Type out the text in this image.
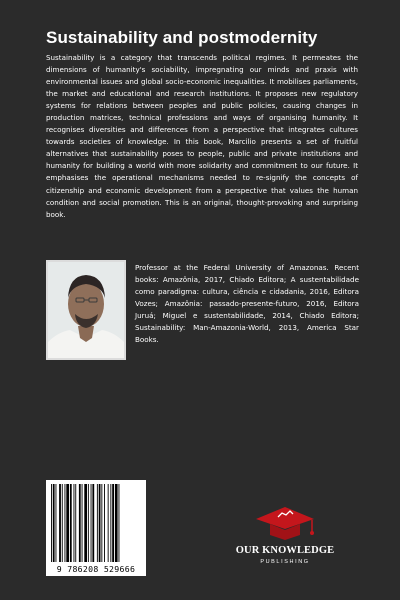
Sustainability and postmodernity
Sustainability is a category that transcends political regimes. It permeates the dimensions of humanity's sociability, impregnating our minds and praxis with environmental issues and global socio-economic inequalities. It mobilises parliaments, the market and educational and research institutions. It proposes new regulatory systems for relations between peoples and public policies, causing changes in production matrices, technical professions and ways of organising humanity. It recognises diversities and differences from a perspective that integrates cultures towards societies of knowledge. In this book, Marcilio presents a set of fruitful alternatives that sustainability poses to people, public and private institutions and humanity for building a world with more solidarity and commitment to our future. It emphasises the operational mechanisms needed to re-signify the concepts of citizenship and economic development from a perspective that values the human condition and social promotion. This is an original, thought-provoking and surprising book.
Professor at the Federal University of Amazonas. Recent books: Amazônia, 2017, Chiado Editora; A sustentabilidade como paradigma: cultura, ciência e cidadania, 2016, Editora Vozes; Amazônia: passado-presente-futuro, 2016, Editora Juruá; Miguel e sustentabilidade, 2014, Chiado Editora; Sustainability: Man-Amazonia-World, 2013, America Star Books.
9 786208 529666
OUR KNOWLEDGE
PUBLISHING
